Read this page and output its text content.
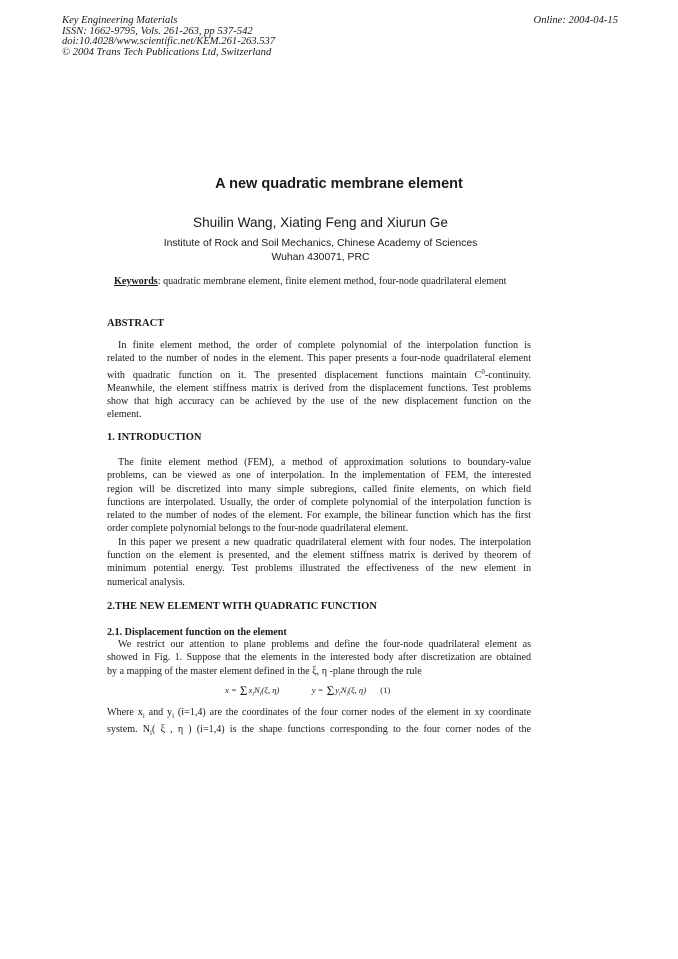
Key Engineering Materials
ISSN: 1662-9795, Vols. 261-263, pp 537-542
doi:10.4028/www.scientific.net/KEM.261-263.537
© 2004 Trans Tech Publications Ltd, Switzerland
Online: 2004-04-15
A new quadratic membrane element
Shuilin Wang, Xiating Feng and Xiurun Ge
Institute of Rock and Soil Mechanics, Chinese Academy of Sciences
Wuhan 430071, PRC
Keywords: quadratic membrane element, finite element method, four-node quadrilateral element
ABSTRACT
In finite element method, the order of complete polynomial of the interpolation function is
related to the number of nodes in the element. This paper presents a four-node quadrilateral element
with quadratic function on it. The presented displacement functions maintain $C^0$-continuity.
Meanwhile, the element stiffness matrix is derived from the displacement functions. Test problems
show that high accuracy can be achieved by the use of the new displacement function on the
element.
1. INTRODUCTION
The finite element method (FEM), a method of approximation solutions to boundary-value
problems, can be viewed as one of interpolation. In the implementation of FEM, the interested
region will be discretized into many simple subregions, called finite elements, on which field
functions are interpolated. Usually, the order of complete polynomial of the interpolation function is
related to the number of nodes of the element. For example, the bilinear function which has the first
order complete polynomial belongs to the four-node quadrilateral element.
In this paper we present a new quadratic quadrilateral element with four nodes. The interpolation
function on the element is presented, and the element stiffness matrix is derived by theorem of
minimum potential energy. Test problems illustrated the effectiveness of the new element in
numerical analysis.
2.THE NEW ELEMENT WITH QUADRATIC FUNCTION
2.1. Displacement function on the element
We restrict our attention to plane problems and define the four-node quadrilateral element as
showed in Fig. 1. Suppose that the elements in the interested body after discretization are obtained
by a mapping of the master element defined in the ξ, η -plane through the rule
$x = \Sigma x_iN_i(\xi$, η)	$y = \Sigma y_iN_i(\xi$, η) (1)
Where $x_i$ and $y_i$ (i=1,4) are the coordinates of the four corner nodes of the element in xy coordinate
system. $N_i$( ξ , η ) (i=1,4) is the shape functions corresponding to the four corner nodes of the
